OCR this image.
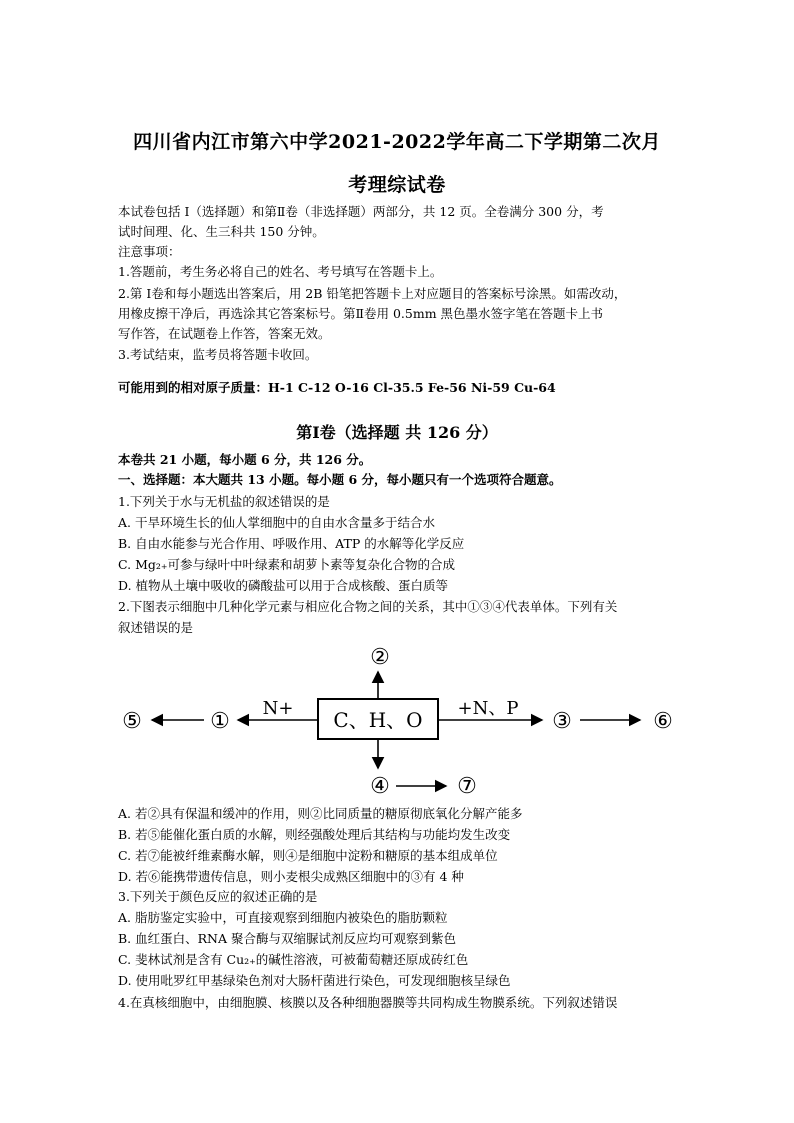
四川省内江市第六中学2021-2022学年高二下学期第二次月
考理综试卷
本试卷包括 I（选择题）和第Ⅱ卷（非选择题）两部分，共 12 页。全卷满分 300 分，考
试时间理、化、生三科共 150 分钟。
注意事项：
1.答题前，考生务必将自己的姓名、考号填写在答题卡上。
2.第 I卷和每小题选出答案后，用 2B 铅笔把答题卡上对应题目的答案标号涂黑。如需改动，
用橡皮擦干净后，再选涂其它答案标号。第Ⅱ卷用 0.5mm 黑色墨水签字笔在答题卡上书
写作答，在试题卷上作答，答案无效。
3.考试结束，监考员将答题卡收回。
可能用到的相对原子质量：H-1 C-12 O-16 Cl-35.5 Fe-56 Ni-59 Cu-64
第Ⅰ卷（选择题 共 126 分）
本卷共 21 小题，每小题 6 分，共 126 分。
一、选择题：本大题共 13 小题。每小题 6 分，每小题只有一个选项符合题意。
1.下列关于水与无机盐的叙述错误的是
A. 干旱环境生长的仙人掌细胞中的自由水含量多于结合水
B. 自由水能参与光合作用、呼吸作用、ATP 的水解等化学反应
C. Mg₂₊可参与绿叶中叶绿素和胡萝卜素等复杂化合物的合成
D. 植物从土壤中吸收的磷酸盐可以用于合成核酸、蛋白质等
2.下图表示细胞中几种化学元素与相应化合物之间的关系，其中①③④代表单体。下列有关
叙述错误的是
C、H、O
②
④	⑦
N+
①
⑤
+N、P
③	⑥
A. 若②具有保温和缓冲的作用，则②比同质量的糖原彻底氧化分解产能多
B. 若⑤能催化蛋白质的水解，则经强酸处理后其结构与功能均发生改变
C. 若⑦能被纤维素酶水解，则④是细胞中淀粉和糖原的基本组成单位
D. 若⑥能携带遗传信息，则小麦根尖成熟区细胞中的③有 4 种
3.下列关于颜色反应的叙述正确的是
A. 脂肪鉴定实验中，可直接观察到细胞内被染色的脂肪颗粒
B. 血红蛋白、RNA 聚合酶与双缩脲试剂反应均可观察到紫色
C. 斐林试剂是含有 Cu₂₊的碱性溶液，可被葡萄糖还原成砖红色
D. 使用吡罗红甲基绿染色剂对大肠杆菌进行染色，可发现细胞核呈绿色
4.在真核细胞中，由细胞膜、核膜以及各种细胞器膜等共同构成生物膜系统。下列叙述错误
